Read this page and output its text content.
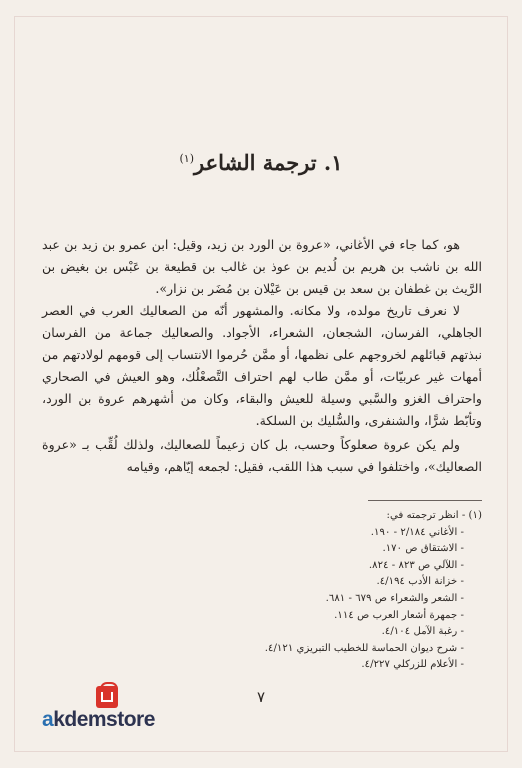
١. ترجمة الشاعر$^{(١)}$

هو، كما جاء في الأغاني، «عروة بن الورد بن زيد، وقيل: ابن عمرو بن زيد بن عبد الله بن ناشب بن هريم بن لُديم بن عوذ بن غالب بن قطيعة بن عَبْس بن بغيض بن الرَّيث بن غطفان بن سعد بن قيس بن عَيْلان بن مُضَر بن نزار».

لا نعرف تاريخ مولده، ولا مكانه. والمشهور أنّه من الصعاليك العرب في العصر الجاهلي، الفرسان، الشجعان، الشعراء، الأجواد. والصعاليك جماعة من الفرسان نبذتهم قبائلهم لخروجهم على نظمها، أو ممَّن حُرموا الانتساب إلى قومهم لولادتهم من أمهات غير عربيّات، أو ممَّن طاب لهم احتراف التَّصعْلُك، وهو العيش في الصحاري واحتراف الغزو والسَّبي وسيلة للعيش والبقاء، وكان من أشهرهم عروة بن الورد، وتأبّط شرًّا، والشنفرى، والسُّليك بن السلكة.

ولم يكن عروة صعلوكاً وحسب، بل كان زعيماً للصعاليك، ولذلك لُقِّب بـ «عروة الصعاليك»، واختلفوا في سبب هذا اللقب، فقيل: لجمعه إيّاهم، وقيامه

(١) - انظر ترجمته في:
- الأغاني ٢/١٨٤ - ١٩٠.
- الاشتقاق ص ١٧٠.
- اللآلي ص ٨٢٣ - ٨٢٤.
- خزانة الأدب ٤/١٩٤.
- الشعر والشعراء ص ٦٧٩ - ٦٨١.
- جمهرة أشعار العرب ص ١١٤.
- رغبة الآمل ٤/١٠٤.
- شرح ديوان الحماسة للخطيب التبريزي ٤/١٢١.
- الأعلام للزركلي ٤/٢٢٧.
٧
akdemstore
